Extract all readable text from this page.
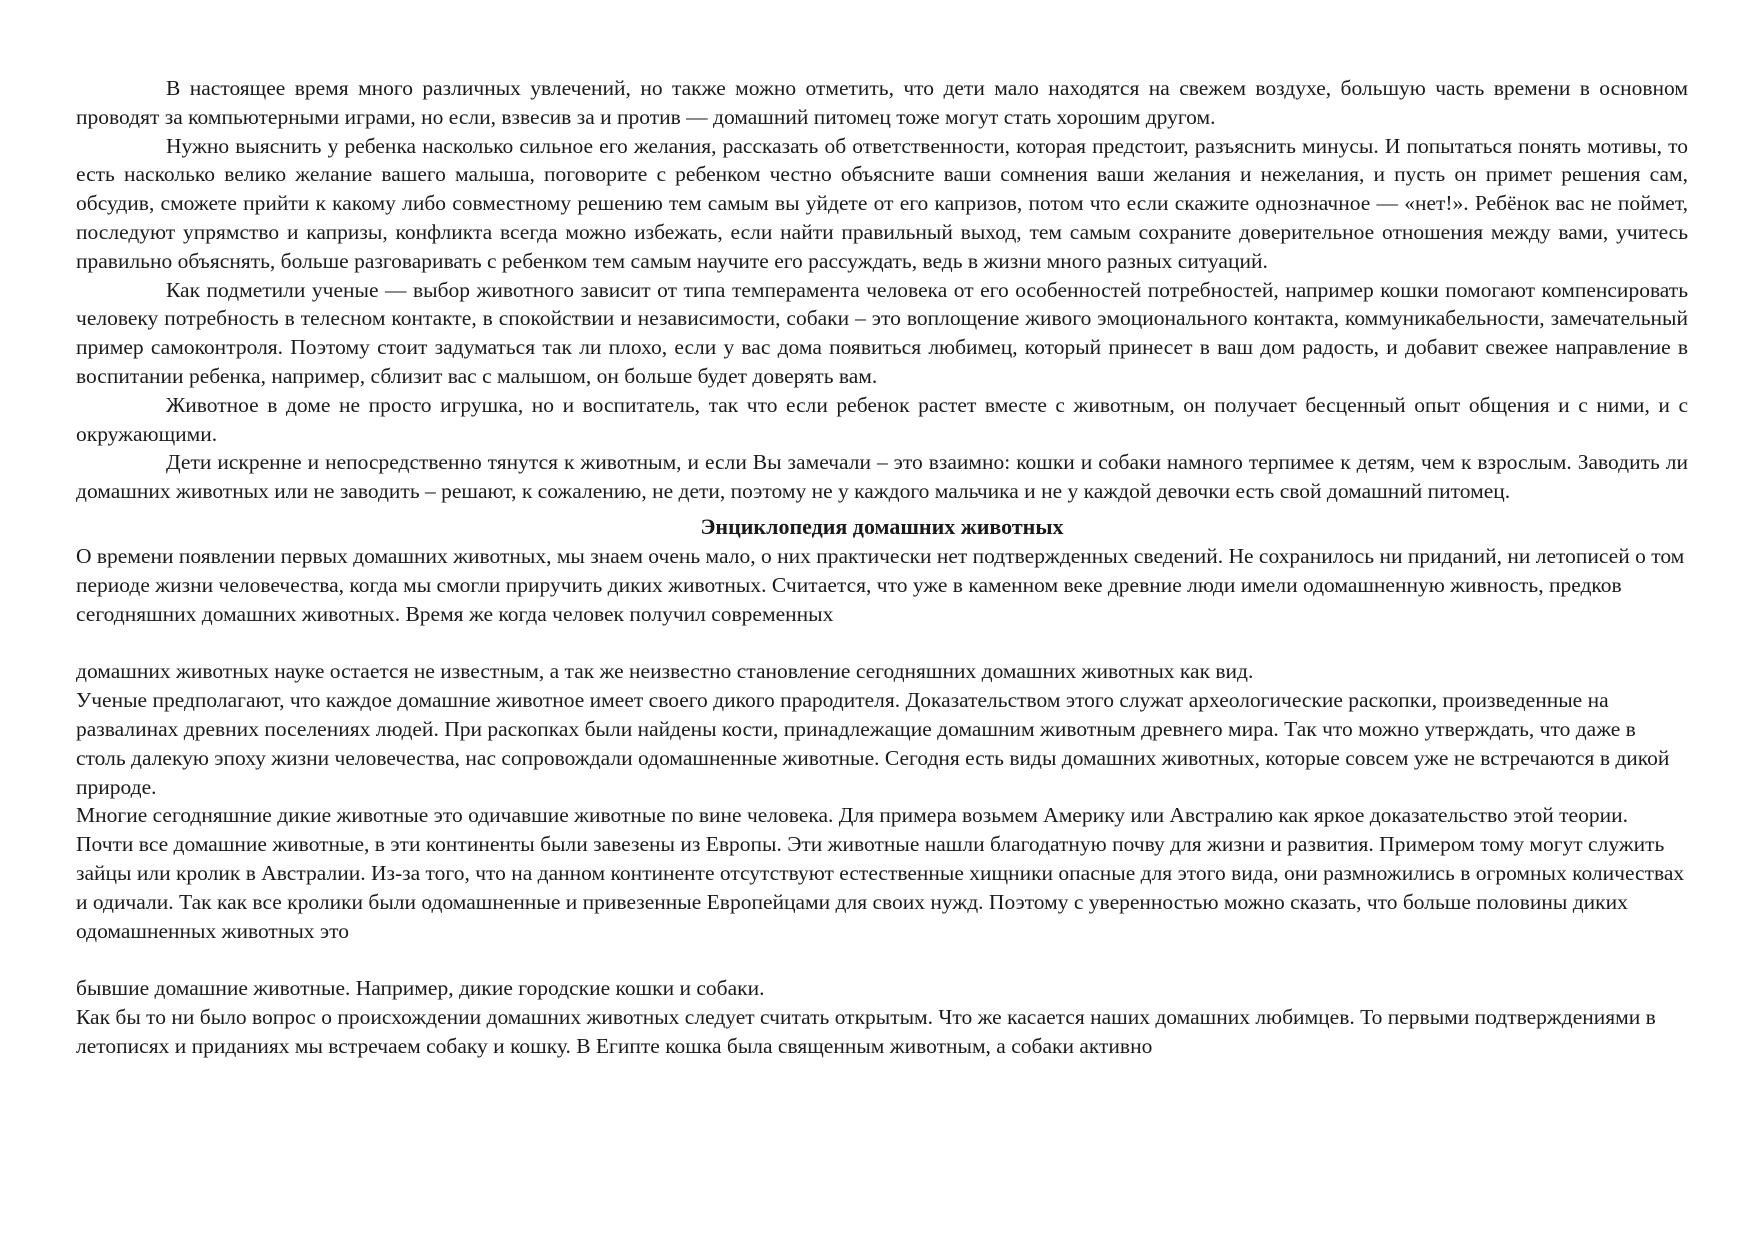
В настоящее время много различных увлечений, но также можно отметить, что дети мало находятся на свежем воздухе, большую часть времени в основном проводят за компьютерными играми, но если, взвесив за и против — домашний питомец тоже могут стать хорошим другом.

Нужно выяснить у ребенка насколько сильное его желания, рассказать об ответственности, которая предстоит, разъяснить минусы. И попытаться понять мотивы, то есть насколько велико желание вашего малыша, поговорите с ребенком честно объясните ваши сомнения ваши желания и нежелания, и пусть он примет решения сам, обсудив, сможете прийти к какому либо совместному решению тем самым вы уйдете от его капризов, потом что если скажите однозначное — «нет!». Ребёнок вас не поймет, последуют упрямство и капризы, конфликта всегда можно избежать, если найти правильный выход, тем самым сохраните доверительное отношения между вами, учитесь правильно объяснять, больше разговаривать с ребенком тем самым научите его рассуждать, ведь в жизни много разных ситуаций.

Как подметили ученые — выбор животного зависит от типа темперамента человека от его особенностей потребностей, например кошки помогают компенсировать человеку потребность в телесном контакте, в спокойствии и независимости, собаки – это воплощение живого эмоционального контакта, коммуникабельности, замечательный пример самоконтроля. Поэтому стоит задуматься так ли плохо, если у вас дома появиться любимец, который принесет в ваш дом радость, и добавит свежее направление в воспитании ребенка, например, сблизит вас с малышом, он больше будет доверять вам.

Животное в доме не просто игрушка, но и воспитатель, так что если ребенок растет вместе с животным, он получает бесценный опыт общения и с ними, и с окружающими.

Дети искренне и непосредственно тянутся к животным, и если Вы замечали – это взаимно: кошки и собаки намного терпимее к детям, чем к взрослым. Заводить ли домашних животных или не заводить – решают, к сожалению, не дети, поэтому не у каждого мальчика и не у каждой девочки есть свой домашний питомец.

Энциклопедия домашних животных

О времени появлении первых домашних животных, мы знаем очень мало, о них практически нет подтвержденных сведений. Не сохранилось ни приданий, ни летописей о том периоде жизни человечества, когда мы смогли приручить диких животных. Считается, что уже в каменном веке древние люди имели одомашненную живность, предков сегодняшних домашних животных. Время же когда человек получил современных

домашних животных науке остается не известным, а так же неизвестно становление сегодняшних домашних животных как вид.

Ученые предполагают, что каждое домашние животное имеет своего дикого прародителя. Доказательством этого служат археологические раскопки, произведенные на развалинах древних поселениях людей. При раскопках были найдены кости, принадлежащие домашним животным древнего мира. Так что можно утверждать, что даже в столь далекую эпоху жизни человечества, нас сопровождали одомашненные животные. Сегодня есть виды домашних животных, которые совсем уже не встречаются в дикой природе.

Многие сегодняшние дикие животные это одичавшие животные по вине человека. Для примера возьмем Америку или Австралию как яркое доказательство этой теории. Почти все домашние животные, в эти континенты были завезены из Европы. Эти животные нашли благодатную почву для жизни и развития. Примером тому могут служить зайцы или кролик в Австралии. Из-за того, что на данном континенте отсутствуют естественные хищники опасные для этого вида, они размножились в огромных количествах и одичали. Так как все кролики были одомашненные и привезенные Европейцами для своих нужд. Поэтому с уверенностью можно сказать, что больше половины диких одомашненных животных это

бывшие домашние животные. Например, дикие городские кошки и собаки.

Как бы то ни было вопрос о происхождении домашних животных следует считать открытым. Что же касается наших домашних любимцев. То первыми подтверждениями в летописях и приданиях мы встречаем собаку и кошку. В Египте кошка была священным животным, а собаки активно
